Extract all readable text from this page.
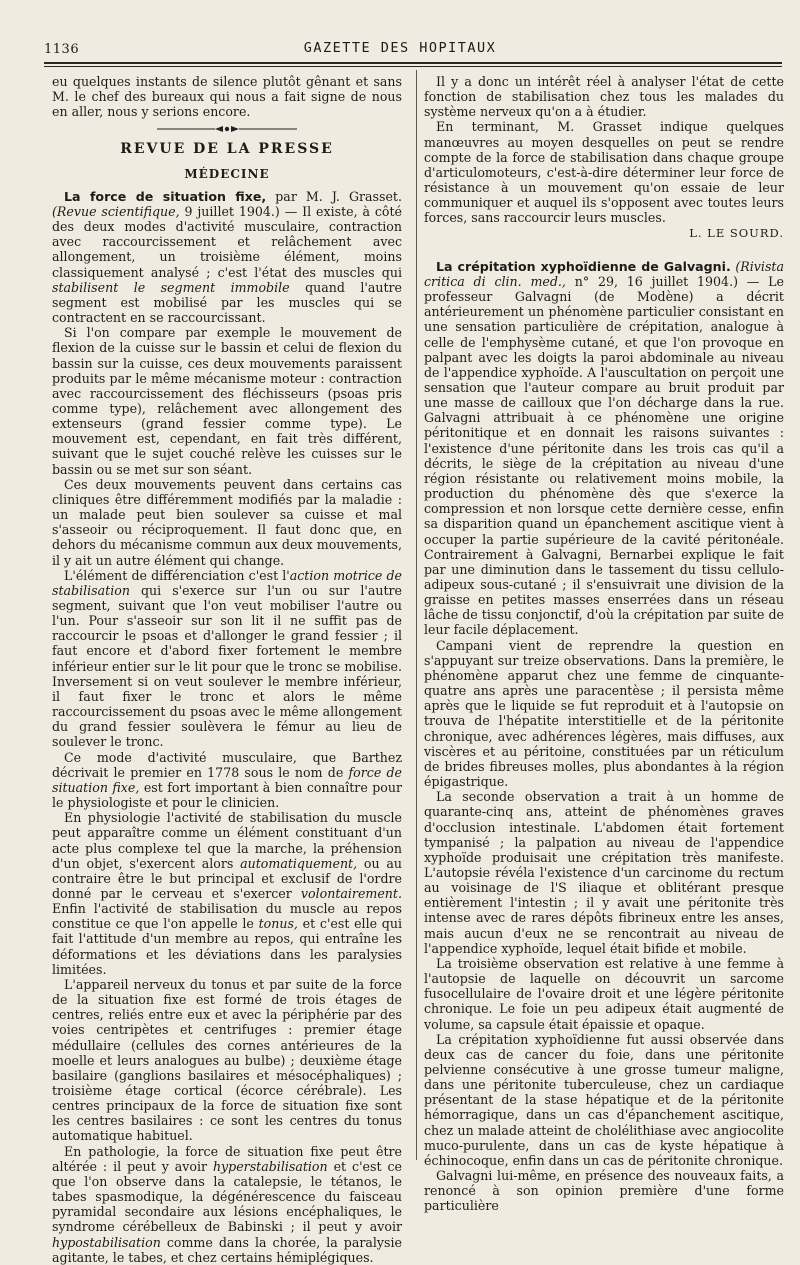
1136	GAZETTE DES HOPITAUX

eu quelques instants de silence plutôt gênant et sans M. le chef des bureaux qui nous a fait signe de nous en aller, nous y serions encore.

REVUE DE LA PRESSE
MÉDECINE

La force de situation fixe, par M. J. Grasset. (Revue scientifique, 9 juillet 1904.) — Il existe, à côté des deux modes d'activité musculaire, contraction avec raccourcissement et relâchement avec allongement, un troisième élément, moins classiquement analysé ; c'est l'état des muscles qui stabilisent le segment immobile quand l'autre segment est mobilisé par les muscles qui se contractent en se raccourcissant.

Si l'on compare par exemple le mouvement de flexion de la cuisse sur le bassin et celui de flexion du bassin sur la cuisse, ces deux mouvements paraissent produits par le même mécanisme moteur : contraction avec raccourcissement des fléchisseurs (psoas pris comme type), relâchement avec allongement des extenseurs (grand fessier comme type). Le mouvement est, cependant, en fait très différent, suivant que le sujet couché relève les cuisses sur le bassin ou se met sur son séant.

Ces deux mouvements peuvent dans certains cas cliniques être différemment modifiés par la maladie : un malade peut bien soulever sa cuisse et mal s'asseoir ou réciproquement. Il faut donc que, en dehors du mécanisme commun aux deux mouvements, il y ait un autre élément qui change.

L'élément de différenciation c'est l'action motrice de stabilisation qui s'exerce sur l'un ou sur l'autre segment, suivant que l'on veut mobiliser l'autre ou l'un. Pour s'asseoir sur son lit il ne suffit pas de raccourcir le psoas et d'allonger le grand fessier ; il faut encore et d'abord fixer fortement le membre inférieur entier sur le lit pour que le tronc se mobilise. Inversement si on veut soulever le membre inférieur, il faut fixer le tronc et alors le même raccourcissement du psoas avec le même allongement du grand fessier soulèvera le fémur au lieu de soulever le tronc.

Ce mode d'activité musculaire, que Barthez décrivait le premier en 1778 sous le nom de force de situation fixe, est fort important à bien connaître pour le physiologiste et pour le clinicien.

En physiologie l'activité de stabilisation du muscle peut apparaître comme un élément constituant d'un acte plus complexe tel que la marche, la préhension d'un objet, s'exercent alors automatiquement, ou au contraire être le but principal et exclusif de l'ordre donné par le cerveau et s'exercer volontairement. Enfin l'activité de stabilisation du muscle au repos constitue ce que l'on appelle le tonus, et c'est elle qui fait l'attitude d'un membre au repos, qui entraîne les déformations et les déviations dans les paralysies limitées.

L'appareil nerveux du tonus et par suite de la force de la situation fixe est formé de trois étages de centres, reliés entre eux et avec la périphérie par des voies centripètes et centrifuges : premier étage médullaire (cellules des cornes antérieures de la moelle et leurs analogues au bulbe) ; deuxième étage basilaire (ganglions basilaires et mésocéphaliques) ; troisième étage cortical (écorce cérébrale). Les centres principaux de la force de situation fixe sont les centres basilaires : ce sont les centres du tonus automatique habituel.

En pathologie, la force de situation fixe peut être altérée : il peut y avoir hyperstabilisation et c'est ce que l'on observe dans la catalepsie, le tétanos, le tabes spasmodique, la dégénérescence du faisceau pyramidal secondaire aux lésions encéphaliques, le syndrome cérébelleux de Babinski ; il peut y avoir hypostabilisation comme dans la chorée, la paralysie agitante, le tabes, et chez certains hémiplégiques.

Il y a donc un intérêt réel à analyser l'état de cette fonction de stabilisation chez tous les malades du système nerveux qu'on a à étudier.

En terminant, M. Grasset indique quelques manœuvres au moyen desquelles on peut se rendre compte de la force de stabilisation dans chaque groupe d'articulomoteurs, c'est-à-dire déterminer leur force de résistance à un mouvement qu'on essaie de leur communiquer et auquel ils s'opposent avec toutes leurs forces, sans raccourcir leurs muscles.

L. LE SOURD.

La crépitation xyphoïdienne de Galvagni. (Rivista critica di clin. med., n° 29, 16 juillet 1904.) — Le professeur Galvagni (de Modène) a décrit antérieurement un phénomène particulier consistant en une sensation particulière de crépitation, analogue à celle de l'emphysème cutané, et que l'on provoque en palpant avec les doigts la paroi abdominale au niveau de l'appendice xyphoïde. A l'auscultation on perçoit une sensation que l'auteur compare au bruit produit par une masse de cailloux que l'on décharge dans la rue. Galvagni attribuait à ce phénomène une origine péritonitique et en donnait les raisons suivantes : l'existence d'une péritonite dans les trois cas qu'il a décrits, le siège de la crépitation au niveau d'une région résistante ou relativement moins mobile, la production du phénomène dès que s'exerce la compression et non lorsque cette dernière cesse, enfin sa disparition quand un épanchement ascitique vient à occuper la partie supérieure de la cavité péritonéale. Contrairement à Galvagni, Bernarbei explique le fait par une diminution dans le tassement du tissu cellulo-adipeux sous-cutané ; il s'ensuivrait une division de la graisse en petites masses enserrées dans un réseau lâche de tissu conjonctif, d'où la crépitation par suite de leur facile déplacement.

Campani vient de reprendre la question en s'appuyant sur treize observations. Dans la première, le phénomène apparut chez une femme de cinquante-quatre ans après une paracentèse ; il persista même après que le liquide se fut reproduit et à l'autopsie on trouva de l'hépatite interstitielle et de la péritonite chronique, avec adhérences légères, mais diffuses, aux viscères et au péritoine, constituées par un réticulum de brides fibreuses molles, plus abondantes à la région épigastrique.

La seconde observation a trait à un homme de quarante-cinq ans, atteint de phénomènes graves d'occlusion intestinale. L'abdomen était fortement tympanisé ; la palpation au niveau de l'appendice xyphoïde produisait une crépitation très manifeste. L'autopsie révéla l'existence d'un carcinome du rectum au voisinage de l'S iliaque et oblitérant presque entièrement l'intestin ; il y avait une péritonite très intense avec de rares dépôts fibrineux entre les anses, mais aucun d'eux ne se rencontrait au niveau de l'appendice xyphoïde, lequel était bifide et mobile.

La troisième observation est relative à une femme à l'autopsie de laquelle on découvrit un sarcome fusocellulaire de l'ovaire droit et une légère péritonite chronique. Le foie un peu adipeux était augmenté de volume, sa capsule était épaissie et opaque.

La crépitation xyphoïdienne fut aussi observée dans deux cas de cancer du foie, dans une péritonite pelvienne consécutive à une grosse tumeur maligne, dans une péritonite tuberculeuse, chez un cardiaque présentant de la stase hépatique et de la péritonite hémorragique, dans un cas d'épanchement ascitique, chez un malade atteint de cholélithiase avec angiocolite muco-purulente, dans un cas de kyste hépatique à échinocoque, enfin dans un cas de péritonite chronique.

Galvagni lui-même, en présence des nouveaux faits, a renoncé à son opinion première d'une forme particulière
